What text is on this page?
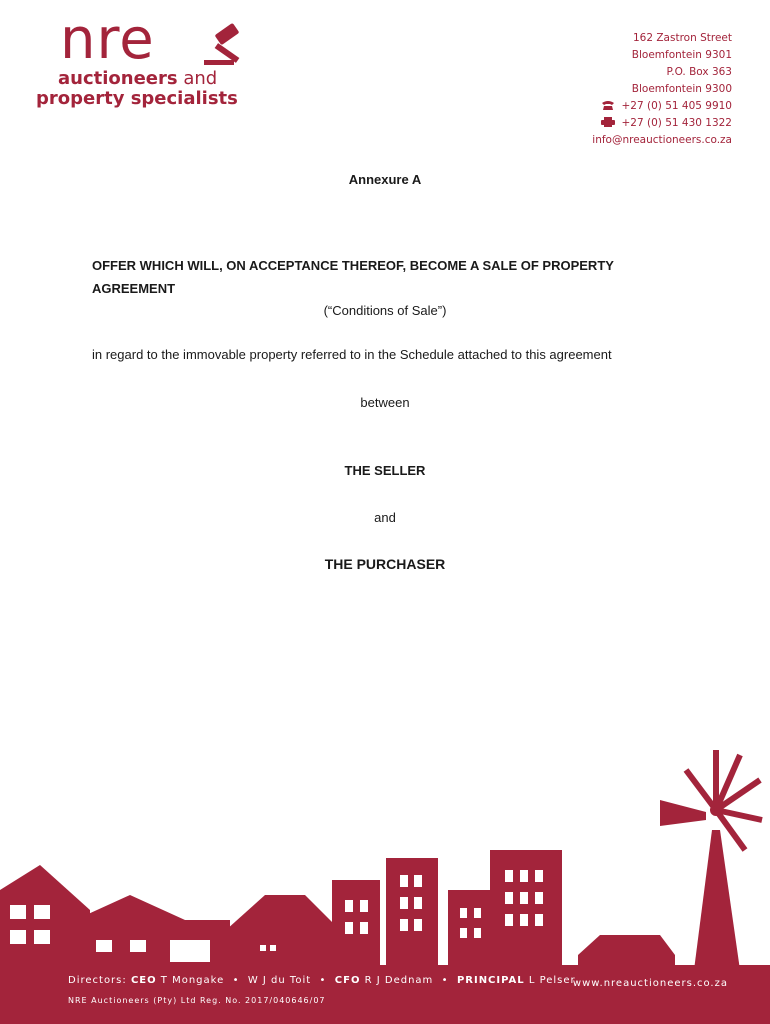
nre
auctioneers and
property specialists
162 Zastron Street
Bloemfontein 9301
P.O. Box 363
Bloemfontein 9300
+27 (0) 51 405 9910
+27 (0) 51 430 1322
info@nreauctioneers.co.za
Annexure A
OFFER WHICH WILL, ON ACCEPTANCE THEREOF, BECOME A SALE OF PROPERTY AGREEMENT
(“Conditions of Sale”)
in regard to the immovable property referred to in the Schedule attached to this agreement
between
THE SELLER
and
THE PURCHASER
Directors: CEO T Mongake  •  W J du Toit  •  CFO R J Dednam  •  PRINCIPAL L Pelser
NRE Auctioneers (Pty) Ltd Reg. No. 2017/040646/07
www.nreauctioneers.co.za
